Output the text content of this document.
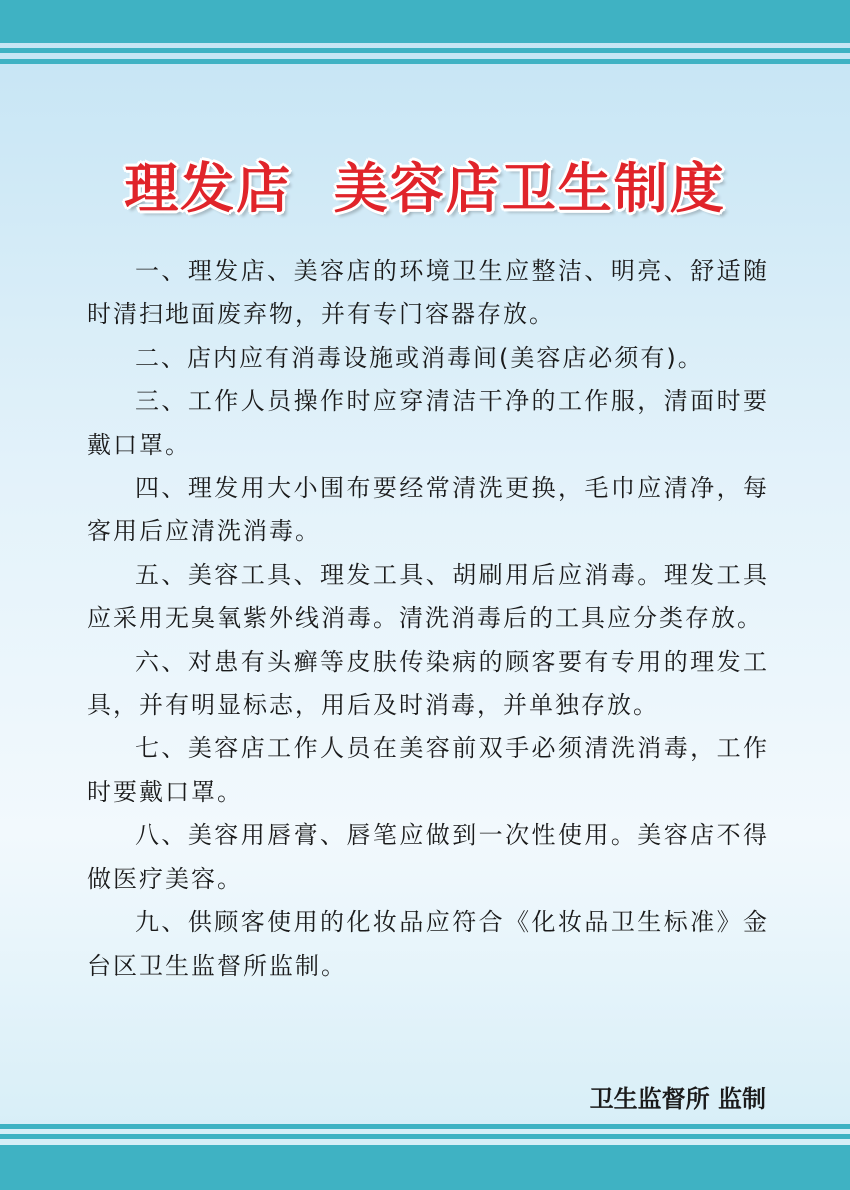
理发店  美容店卫生制度
一、理发店、美容店的环境卫生应整洁、明亮、舒适随时清扫地面废弃物，并有专门容器存放。
二、店内应有消毒设施或消毒间(美容店必须有)。
三、工作人员操作时应穿清洁干净的工作服，清面时要戴口罩。
四、理发用大小围布要经常清洗更换，毛巾应清净，每客用后应清洗消毒。
五、美容工具、理发工具、胡刷用后应消毒。理发工具应采用无臭氧紫外线消毒。清洗消毒后的工具应分类存放。
六、对患有头癣等皮肤传染病的顾客要有专用的理发工具，并有明显标志，用后及时消毒，并单独存放。
七、美容店工作人员在美容前双手必须清洗消毒，工作时要戴口罩。
八、美容用唇膏、唇笔应做到一次性使用。美容店不得做医疗美容。
九、供顾客使用的化妆品应符合《化妆品卫生标准》金台区卫生监督所监制。
卫生监督所 监制
